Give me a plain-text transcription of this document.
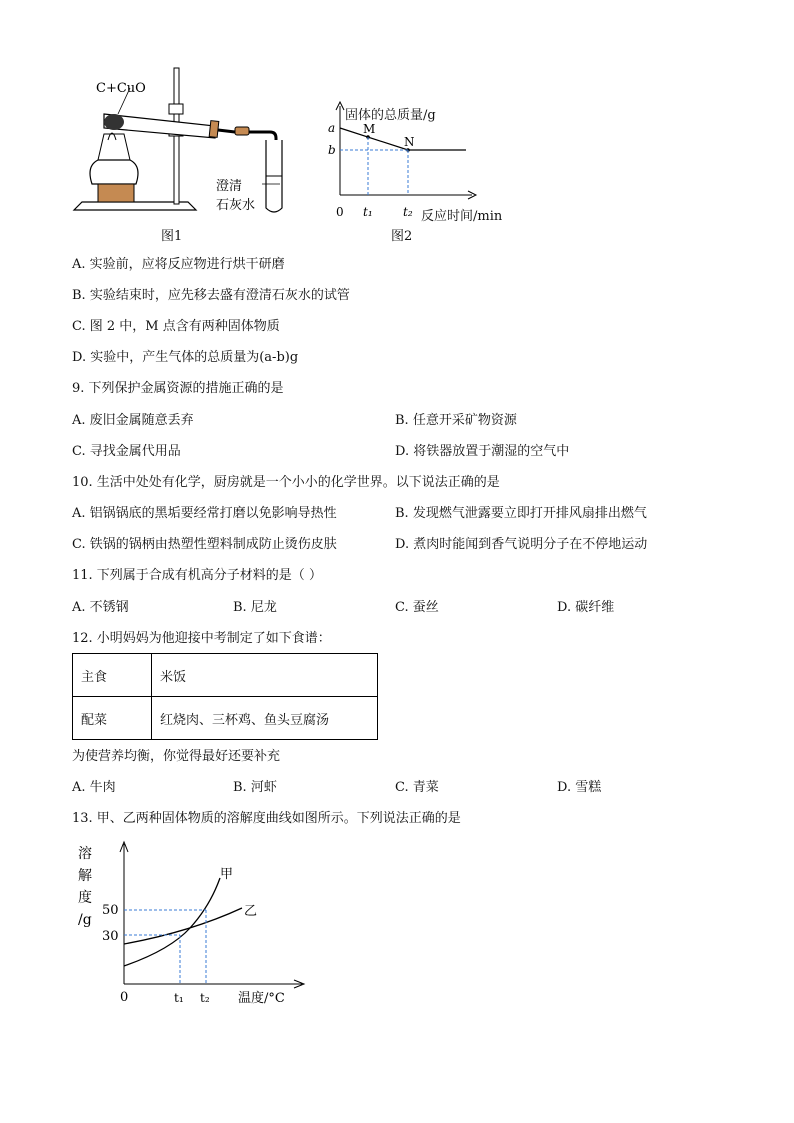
C+CuO
澄清
石灰水
图1
a
b
M
N
0 t₁	t₂
固体的总质量/g
反应时间/min
图2
A. 实验前，应将反应物进行烘干研磨
B. 实验结束时，应先移去盛有澄清石灰水的试管
C. 图 2 中，M 点含有两种固体物质
D. 实验中，产生气体的总质量为(a-b)g
9. 下列保护金属资源的措施正确的是
A. 废旧金属随意丢弃	B. 任意开采矿物资源
C. 寻找金属代用品	D. 将铁器放置于潮湿的空气中
10. 生活中处处有化学，厨房就是一个小小的化学世界。以下说法正确的是
A. 铝锅锅底的黑垢要经常打磨以免影响导热性	B. 发现燃气泄露要立即打开排风扇排出燃气
C. 铁锅的锅柄由热塑性塑料制成防止烫伤皮肤	D. 煮肉时能闻到香气说明分子在不停地运动
11. 下列属于合成有机高分子材料的是（ ）
A. 不锈钢	B. 尼龙	C. 蚕丝	D. 碳纤维
12. 小明妈妈为他迎接中考制定了如下食谱：
主食	米饭
配菜	红烧肉、三杯鸡、鱼头豆腐汤
为使营养均衡，你觉得最好还要补充
A. 牛肉	B. 河虾	C. 青菜	D. 雪糕
13. 甲、乙两种固体物质的溶解度曲线如图所示。下列说法正确的是
溶
解
度
/g
50
30
0	t₁ t₂
甲
乙
温度/°C
